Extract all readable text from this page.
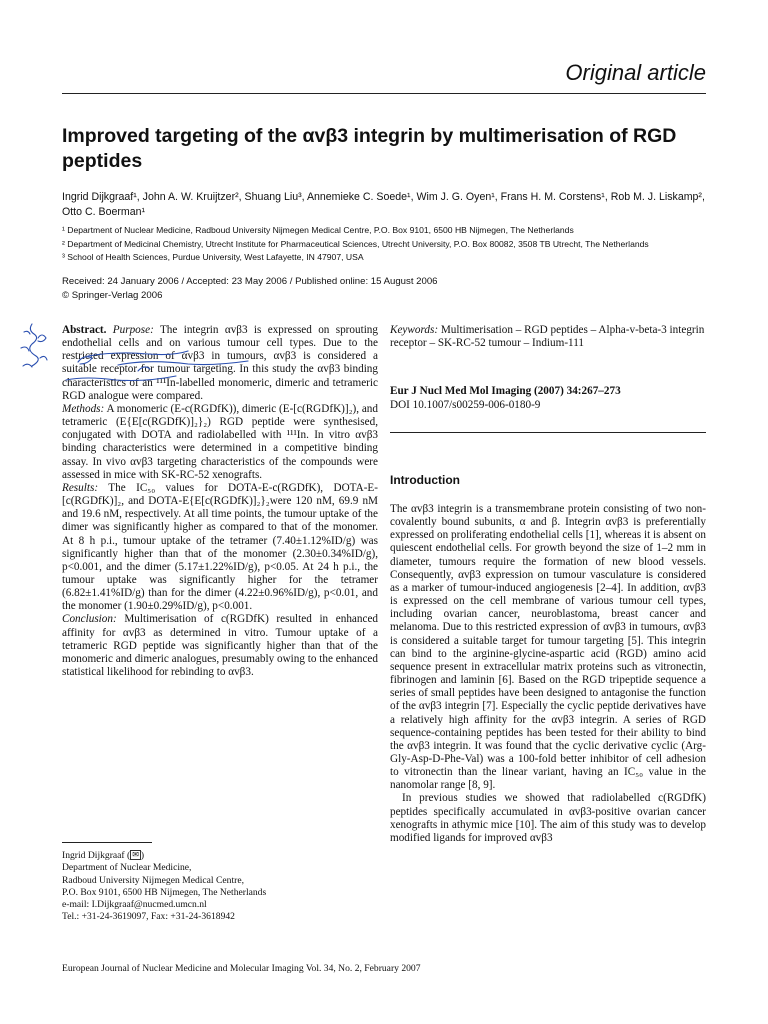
Original article
Improved targeting of the αvβ3 integrin by multimerisation of RGD peptides
Ingrid Dijkgraaf¹, John A. W. Kruijtzer², Shuang Liu³, Annemieke C. Soede¹, Wim J. G. Oyen¹, Frans H. M. Corstens¹, Rob M. J. Liskamp², Otto C. Boerman¹
¹ Department of Nuclear Medicine, Radboud University Nijmegen Medical Centre, P.O. Box 9101, 6500 HB Nijmegen, The Netherlands
² Department of Medicinal Chemistry, Utrecht Institute for Pharmaceutical Sciences, Utrecht University, P.O. Box 80082, 3508 TB Utrecht, The Netherlands
³ School of Health Sciences, Purdue University, West Lafayette, IN 47907, USA
Received: 24 January 2006 / Accepted: 23 May 2006 / Published online: 15 August 2006
© Springer-Verlag 2006

Abstract. Purpose: The integrin αvβ3 is expressed on sprouting endothelial cells and on various tumour cell types. Due to the restricted expression of αvβ3 in tumours, αvβ3 is considered a suitable receptor for tumour targeting. In this study the αvβ3 binding characteristics of an ¹¹¹In-labelled monomeric, dimeric and tetrameric RGD analogue were compared.

Methods: A monomeric (E-c(RGDfK)), dimeric (E-[c(RGDfK)]₂), and tetrameric (E{E[c(RGDfK)]₂}₂) RGD peptide were synthesised, conjugated with DOTA and radiolabelled with ¹¹¹In. In vitro αvβ3 binding characteristics were determined in a competitive binding assay. In vivo αvβ3 targeting characteristics of the compounds were assessed in mice with SK-RC-52 xenografts.

Results: The IC₅₀ values for DOTA-E-c(RGDfK), DOTA-E-[c(RGDfK)]₂, and DOTA-E{E[c(RGDfK)]₂}₂were 120 nM, 69.9 nM and 19.6 nM, respectively. At all time points, the tumour uptake of the dimer was significantly higher as compared to that of the monomer. At 8 h p.i., tumour uptake of the tetramer (7.40±1.12%ID/g) was significantly higher than that of the monomer (2.30±0.34%ID/g), p<0.001, and the dimer (5.17±1.22%ID/g), p<0.05. At 24 h p.i., the tumour uptake was significantly higher for the tetramer (6.82±1.41%ID/g) than for the dimer (4.22±0.96%ID/g), p<0.01, and the monomer (1.90±0.29%ID/g), p<0.001.

Conclusion: Multimerisation of c(RGDfK) resulted in enhanced affinity for αvβ3 as determined in vitro. Tumour uptake of a tetrameric RGD peptide was significantly higher than that of the monomeric and dimeric analogues, presumably owing to the enhanced statistical likelihood for rebinding to αvβ3.

Keywords: Multimerisation – RGD peptides – Alpha-v-beta-3 integrin receptor – SK-RC-52 tumour – Indium-111
Eur J Nucl Med Mol Imaging (2007) 34:267–273
DOI 10.1007/s00259-006-0180-9
Introduction

The αvβ3 integrin is a transmembrane protein consisting of two non-covalently bound subunits, α and β. Integrin αvβ3 is preferentially expressed on proliferating endothelial cells [1], whereas it is absent on quiescent endothelial cells. For growth beyond the size of 1–2 mm in diameter, tumours require the formation of new blood vessels. Consequently, αvβ3 expression on tumour vasculature is considered as a marker of tumour-induced angiogenesis [2–4]. In addition, αvβ3 is expressed on the cell membrane of various tumour cell types, including ovarian cancer, neuroblastoma, breast cancer and melanoma. Due to this restricted expression of αvβ3 in tumours, αvβ3 is considered a suitable target for tumour targeting [5]. This integrin can bind to the arginine-glycine-aspartic acid (RGD) amino acid sequence present in extracellular matrix proteins such as vitronectin, fibrinogen and laminin [6]. Based on the RGD tripeptide sequence a series of small peptides have been designed to antagonise the function of the αvβ3 integrin [7]. Especially the cyclic peptide derivatives have a relatively high affinity for the αvβ3 integrin. A series of RGD sequence-containing peptides has been tested for their ability to bind the αvβ3 integrin. It was found that the cyclic derivative cyclic (Arg-Gly-Asp-D-Phe-Val) was a 100-fold better inhibitor of cell adhesion to vitronectin than the linear variant, having an IC₅₀ value in the nanomolar range [8, 9].

In previous studies we showed that radiolabelled c(RGDfK) peptides specifically accumulated in αvβ3-positive ovarian cancer xenografts in athymic mice [10]. The aim of this study was to develop modified ligands for improved αvβ3

Ingrid Dijkgraaf ( ✉ )
Department of Nuclear Medicine,
Radboud University Nijmegen Medical Centre,
P.O. Box 9101, 6500 HB Nijmegen, The Netherlands
e-mail: I.Dijkgraaf@nucmed.umcn.nl
Tel.: +31-24-3619097, Fax: +31-24-3618942
European Journal of Nuclear Medicine and Molecular Imaging Vol. 34, No. 2, February 2007
